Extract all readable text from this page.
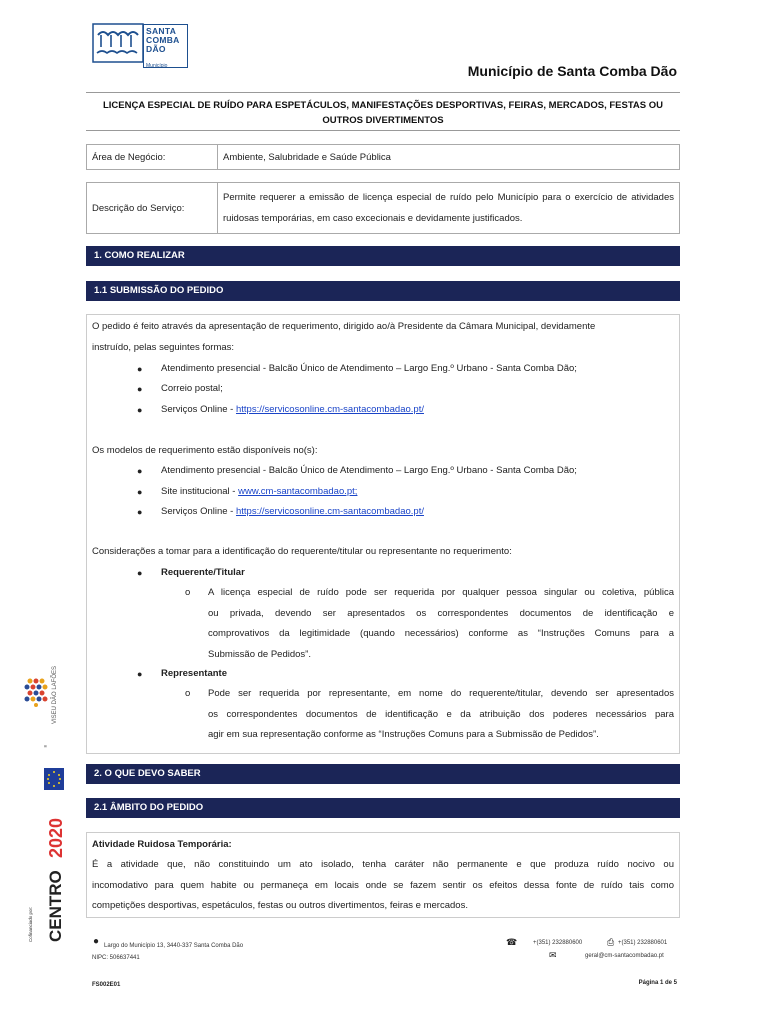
SANTA
COMBA
DÃO
Município	Município de Santa Comba Dão
LICENÇA ESPECIAL DE RUÍDO PARA ESPETÁCULOS, MANIFESTAÇÕES DESPORTIVAS, FEIRAS, MERCADOS, FESTAS OU
OUTROS DIVERTIMENTOS
Área de Negócio:	Ambiente, Salubridade e Saúde Pública
Descrição do Serviço:	Permite requerer a emissão de licença especial de ruído pelo Município para o exercício de atividades ruidosas temporárias, em caso excecionais e devidamente justificados.
1. COMO REALIZAR
1.1 SUBMISSÃO DO PEDIDO
O pedido é feito através da apresentação de requerimento, dirigido ao/à Presidente da Câmara Municipal, devidamente
instruído, pelas seguintes formas:
Atendimento presencial - Balcão Único de Atendimento – Largo Eng.º Urbano - Santa Comba Dão;
Correio postal;
Serviços Online - https://servicosonline.cm-santacombadao.pt/
●
●
●
Os modelos de requerimento estão disponíveis no(s):
Atendimento presencial - Balcão Único de Atendimento – Largo Eng.º Urbano - Santa Comba Dão;
Site institucional - www.cm-santacombadao.pt;
Serviços Online - https://servicosonline.cm-santacombadao.pt/
●
●
●
Considerações a tomar para a identificação do requerente/titular ou representante no requerimento:
● Requerente/Titular
o A licença especial de ruído pode ser requerida por qualquer pessoa singular ou coletiva, pública
ou privada, devendo ser apresentados os correspondentes documentos de identificação e
comprovativos da legitimidade (quando necessários) conforme as “Instruções Comuns para a
Submissão de Pedidos”.
● Representante
o Pode ser requerida por representante, em nome do requerente/titular, devendo ser apresentados
os correspondentes documentos de identificação e da atribuição dos poderes necessários para
agir em sua representação conforme as “Instruções Comuns para a Submissão de Pedidos”.
2. O QUE DEVO SABER
2.1 ÂMBITO DO PEDIDO
Atividade Ruidosa Temporária:
É a atividade que, não constituindo um ato isolado, tenha caráter não permanente e que produza ruído nocivo ou
incomodativo para quem habite ou permaneça em locais onde se fazem sentir os efeitos dessa fonte de ruído tais como
competições desportivas, espetáculos, festas ou outros divertimentos, feiras e mercados.
● Largo do Município 13, 3440-337 Santa Comba Dão
NIPC: 506637441
☎	+(351) 232880600	⎙ +(351) 232880601
✉	geral@cm-santacombadao.pt
FS002E01	Página 1 de 5
VISEU DÃO LAFÕES
▤
2020
CENTRO
Cofinanciado por:
